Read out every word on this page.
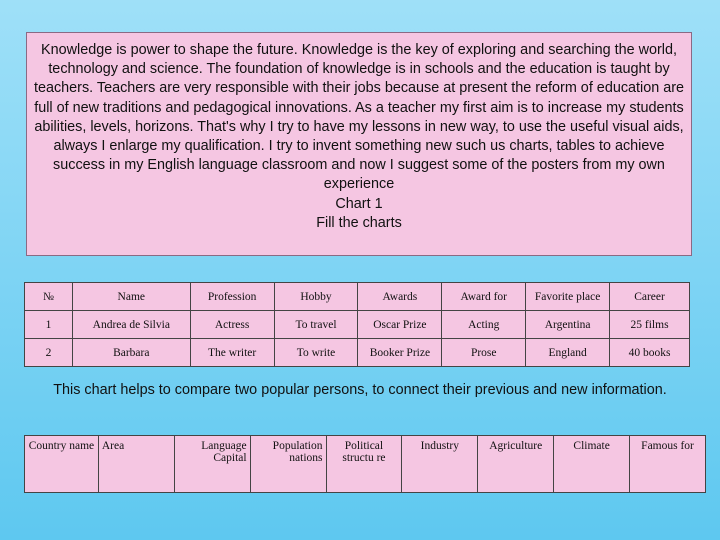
Knowledge is power to shape the future. Knowledge is the key of exploring and searching the world, technology and science. The foundation of knowledge is in schools and the education is taught by teachers. Teachers are very responsible with their jobs because at present the reform of education are full of new traditions and pedagogical innovations. As a teacher my first aim is to increase my students abilities, levels, horizons. That's why I try to have my lessons in new way, to use the useful visual aids, always I enlarge my qualification. I try to invent something new such us charts, tables to achieve success in my English language classroom and now I suggest some of the posters from my own experience

Chart 1

Fill the charts

№	Name	Profession	Hobby	Awards	Award for	Favorite place	Career
1	Andrea de Silvia	Actress	To travel	Oscar Prize	Acting	Argentina	25 films
2	Barbara	The writer	To write	Booker Prize	Prose	England	40 books
This chart helps to compare two popular persons, to connect their previous and new information.
Country name	Area	Language Capital	Population nations	Political structu re	Industry	Agriculture	Climate	Famous for
